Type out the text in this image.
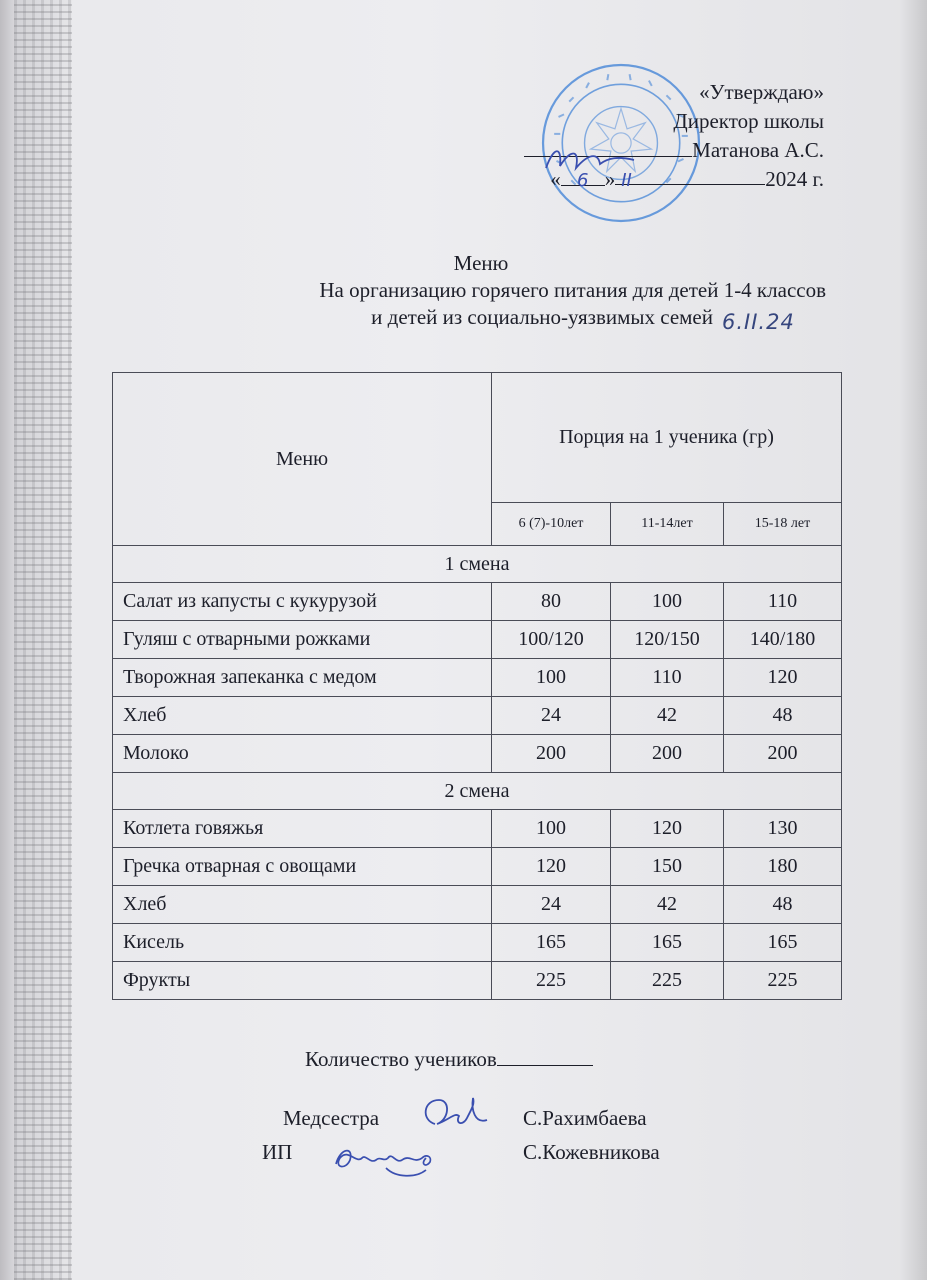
«Утверждаю»
Директор школы
Матанова А.С.
« 6 » II	2024 г.
Меню
На организацию горячего питания для детей 1-4 классов
и детей из социально-уязвимых семей 6.II.24
Меню	Порция на 1 ученика (гр)		
	6 (7)-10лет	11-14лет	15-18 лет
1 смена			
Салат из капусты с кукурузой	80	100	110
Гуляш с отварными рожками	100/120	120/150	140/180
Творожная запеканка с медом	100	110	120
Хлеб	24	42	48
Молоко	200	200	200
2 смена			
Котлета говяжья	100	120	130
Гречка отварная с овощами	120	150	180
Хлеб	24	42	48
Кисель	165	165	165
Фрукты	225	225	225
Количество учеников
Медсестра	С.Рахимбаева
ИП	С.Кожевникова
